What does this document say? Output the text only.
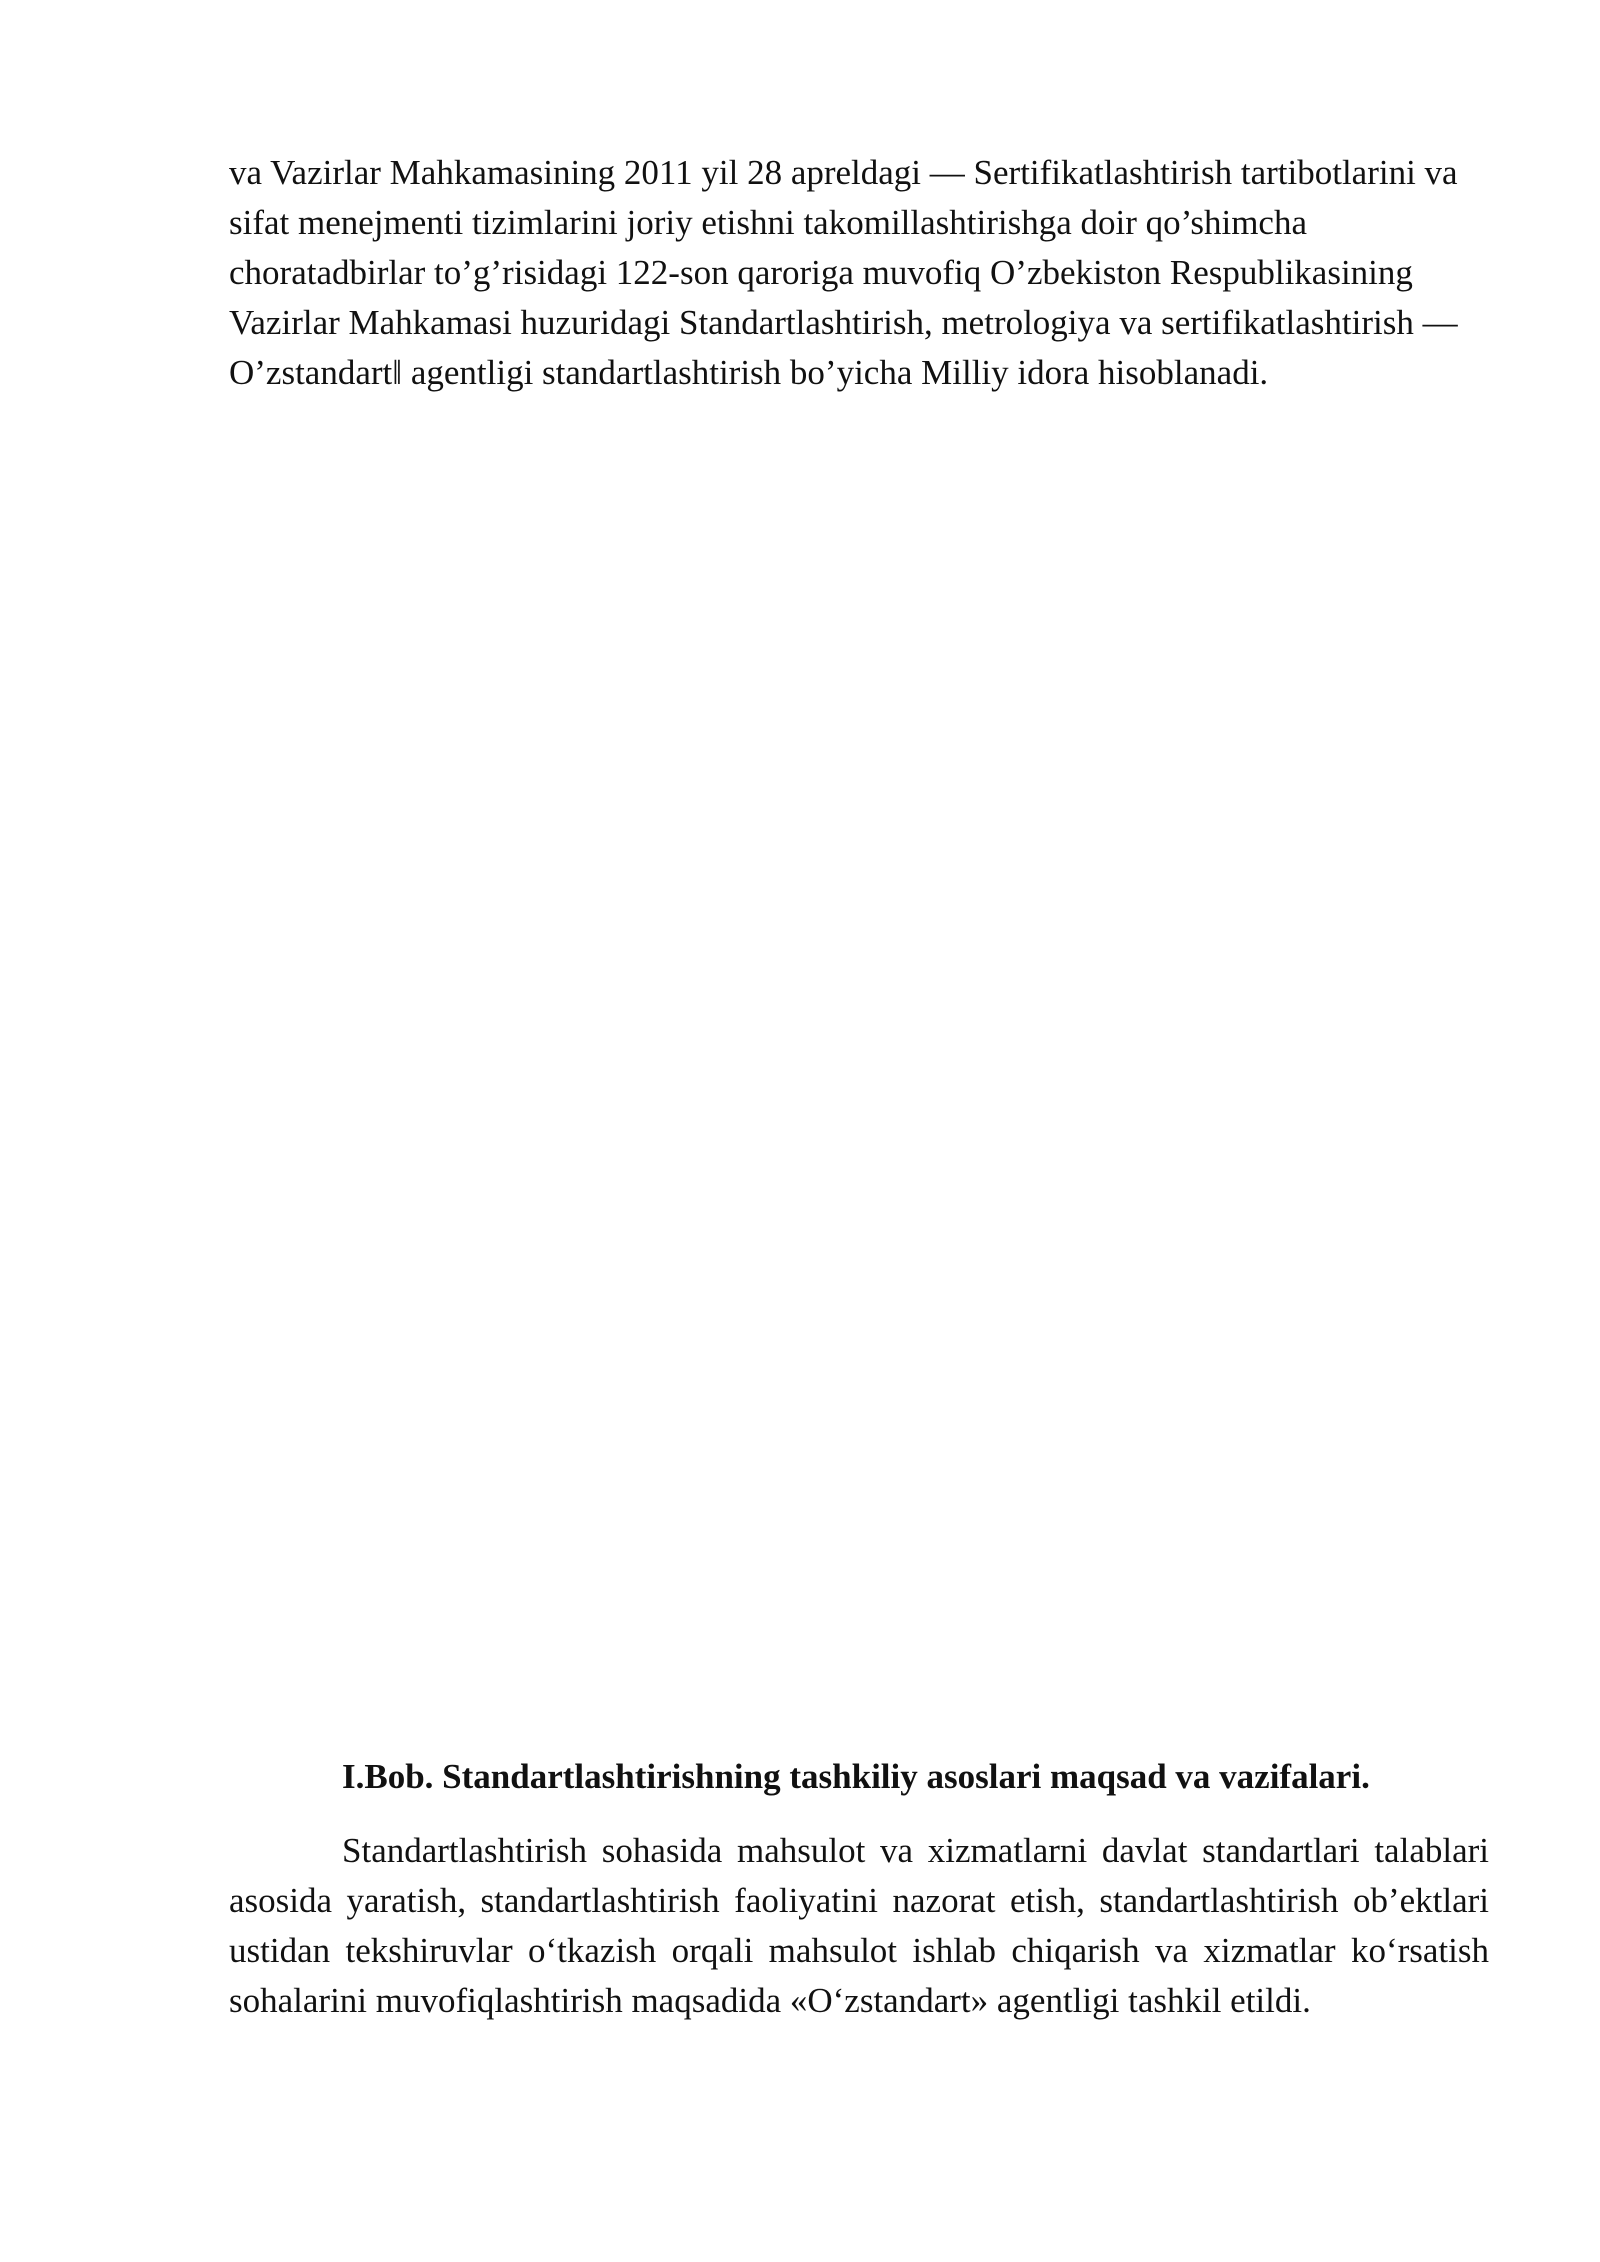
va Vazirlar Mahkamasining 2011 yil 28 apreldagi — Sertifikatlashtirish tartibotlarini va sifat menejmenti tizimlarini joriy etishni takomillashtirishga doir qo’shimcha choratadbirlar to’g’risidagi 122-son qaroriga muvofiq O’zbekiston Respublikasining Vazirlar Mahkamasi huzuridagi Standartlashtirish, metrologiya va sertifikatlashtirish — O’zstandart‖ agentligi standartlashtirish bo’yicha Milliy idora hisoblanadi.

I.Bob. Standartlashtirishning tashkiliy asoslari maqsad va vazifalari.

Standartlashtirish sohasida mahsulot va xizmatlarni davlat standartlari talablari asosida yaratish, standartlashtirish faoliyatini nazorat etish, standartlashtirish ob’ektlari ustidan tekshiruvlar o‘tkazish orqali mahsulot ishlab chiqarish va xizmatlar ko‘rsatish sohalarini muvofiqlashtirish maqsadida «O‘zstandart» agentligi tashkil etildi.
